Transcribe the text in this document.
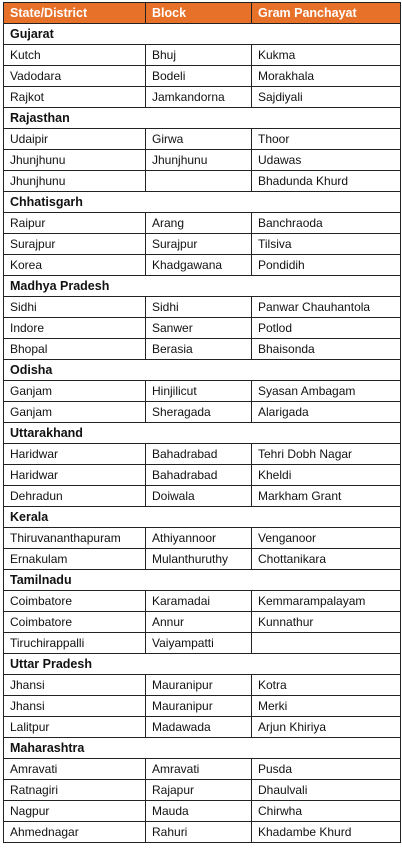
State/District	Block	Gram Panchayat
Gujarat		
Kutch	Bhuj	Kukma
Vadodara	Bodeli	Morakhala
Rajkot	Jamkandorna	Sajdiyali
Rajasthan		
Udaipir	Girwa	Thoor
Jhunjhunu	Jhunjhunu	Udawas
Jhunjhunu		Bhadunda Khurd
Chhatisgarh		
Raipur	Arang	Banchraoda
Surajpur	Surajpur	Tilsiva
Korea	Khadgawana	Pondidih
Madhya Pradesh		
Sidhi	Sidhi	Panwar Chauhantola
Indore	Sanwer	Potlod
Bhopal	Berasia	Bhaisonda
Odisha		
Ganjam	Hinjilicut	Syasan Ambagam
Ganjam	Sheragada	Alarigada
Uttarakhand		
Haridwar	Bahadrabad	Tehri Dobh Nagar
Haridwar	Bahadrabad	Kheldi
Dehradun	Doiwala	Markham Grant
Kerala		
Thiruvananthapuram	Athiyannoor	Venganoor
Ernakulam	Mulanthuruthy	Chottanikara
Tamilnadu		
Coimbatore	Karamadai	Kemmarampalayam
Coimbatore	Annur	Kunnathur
Tiruchirappalli	Vaiyampatti	
Uttar Pradesh		
Jhansi	Mauranipur	Kotra
Jhansi	Mauranipur	Merki
Lalitpur	Madawada	Arjun Khiriya
Maharashtra		
Amravati	Amravati	Pusda
Ratnagiri	Rajapur	Dhaulvali
Nagpur	Mauda	Chirwha
Ahmednagar	Rahuri	Khadambe Khurd
